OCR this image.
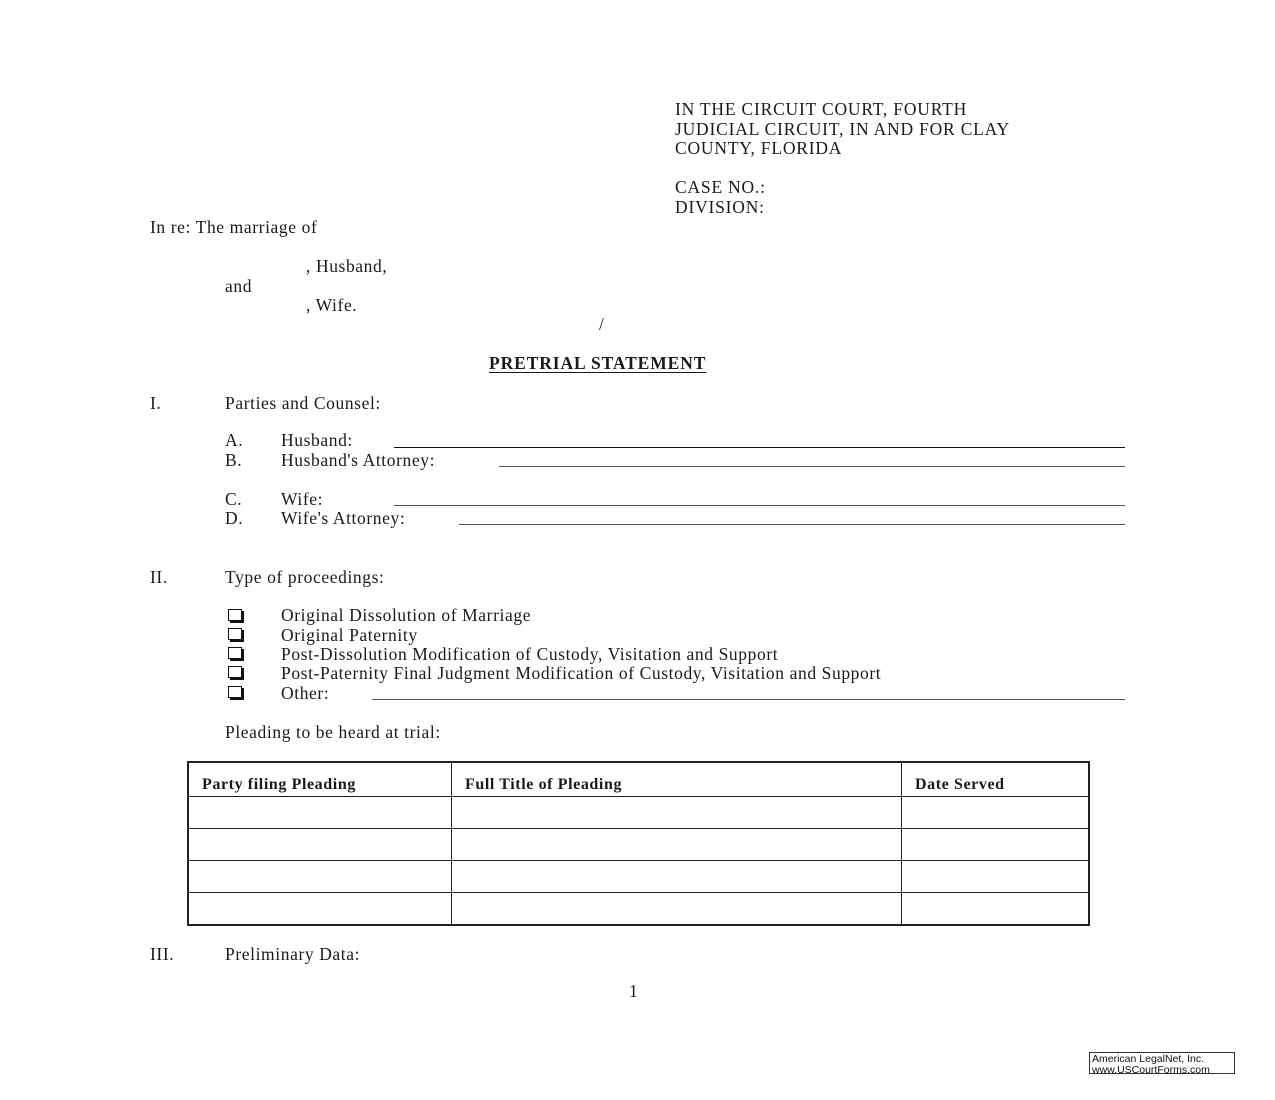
IN THE CIRCUIT COURT, FOURTH
JUDICIAL CIRCUIT, IN AND FOR CLAY
COUNTY, FLORIDA
CASE NO.:
DIVISION:
In re: The marriage of
, Husband,
and
, Wife.
/
PRETRIAL STATEMENT
I.	Parties and Counsel:
A. Husband:
B. Husband's Attorney:
C. Wife:
D. Wife's Attorney:
II.	Type of proceedings:
Original Dissolution of Marriage
Original Paternity
Post-Dissolution Modification of Custody, Visitation and Support
Post-Paternity Final Judgment Modification of Custody, Visitation and Support
Other:
Pleading to be heard at trial:
Party filing Pleading	Full Title of Pleading	Date Served

III.	Preliminary Data:
1
American LegalNet, Inc.
www.USCourtForms.com
